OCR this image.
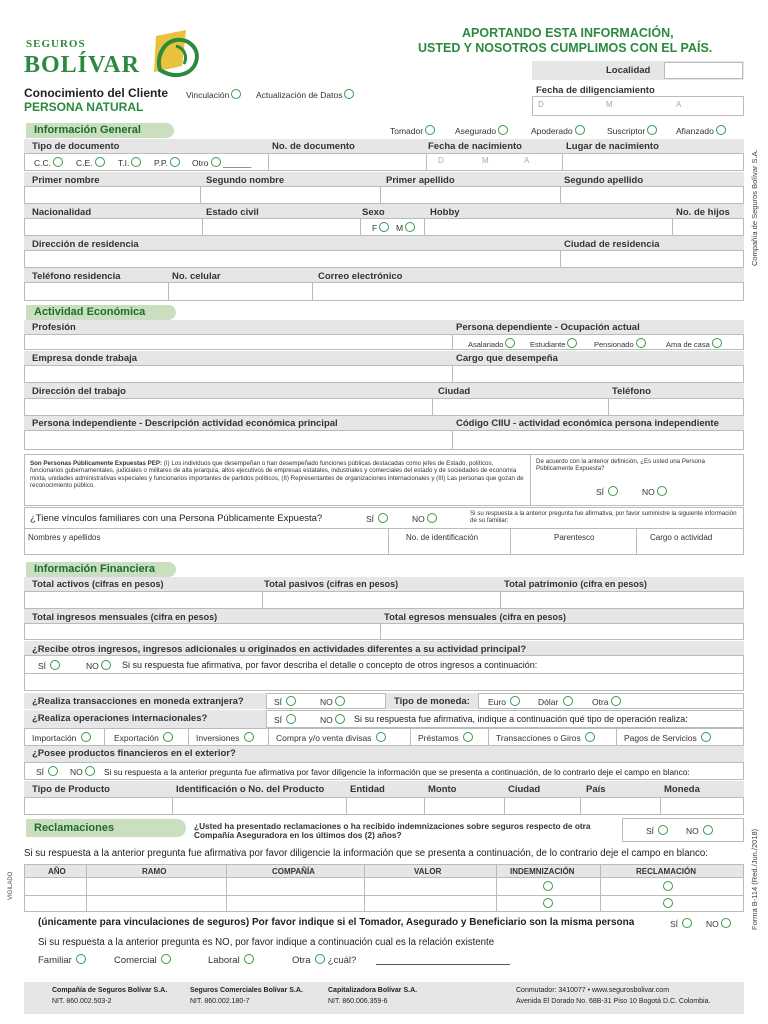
SEGUROS
BOLÍVAR
APORTANDO ESTA INFORMACIÓN,
USTED Y NOSOTROS CUMPLIMOS CON EL PAÍS.
Localidad
Fecha de diligenciamiento
D	M	A
Conocimiento del Cliente
PERSONA NATURAL
Vinculación	Actualización de Datos
Información General	Tomador	Asegurado	Apoderado	Suscriptor	Afianzado
Tipo de documento	No. de documento	Fecha de nacimiento	Lugar de nacimiento
C.C.	C.E.	T.I.	P.P.	Otro ______	D	M	A
Primer nombre	Segundo nombre	Primer apellido	Segundo apellido
Nacionalidad	Estado civil	Sexo	Hobby	No. de hijos
F	M
Dirección de residencia	Ciudad de residencia
Teléfono residencia	No. celular	Correo electrónico
Actividad Económica
Profesión	Persona dependiente - Ocupación actual
Asalariado	Estudiante	Pensionado	Ama de casa
Empresa donde trabaja	Cargo que desempeña
Dirección del trabajo	Ciudad	Teléfono
Persona independiente - Descripción actividad económica principal	Código CIIU - actividad económica persona independiente
Son Personas Públicamente Expuestas PEP: (I) Los individuos que desempeñan o han desempeñado funciones públicas destacadas como jefes de Estado, políticos, funcionarios gubernamentales, judiciales o militares de alta jerarquía, altos ejecutivos de empresas estatales, industriales y comerciales del estado y de sociedades de economía mixta, unidades administrativas especiales y funcionarios importantes de partidos políticos, (II) Representantes de organizaciones internacionales y (III) Las personas que gozan de reconocimiento público.
De acuerdo con la anterior definición, ¿Es usted una Persona Públicamente Expuesta?
SÍ	NO
¿Tiene vínculos familiares con una Persona Públicamente Expuesta?	SÍ	NO
Si su respuesta a la anterior pregunta fue afirmativa, por favor suministre la siguiente información de su familiar:
Nombres y apellidos	No. de identificación	Parentesco	Cargo o actividad
Información Financiera
Total activos (cifras en pesos)	Total pasivos (cifras en pesos)	Total patrimonio (cifra en pesos)
Total ingresos mensuales (cifra en pesos)	Total egresos mensuales (cifra en pesos)
¿Recibe otros ingresos, ingresos adicionales u originados en actividades diferentes a su actividad principal?
SÍ	NO	Si su respuesta fue afirmativa, por favor describa el detalle o concepto de otros ingresos a continuación:
¿Realiza transacciones en moneda extranjera?	SÍ	NO	Tipo de moneda: Euro	Dólar	Otra
¿Realiza operaciones internacionales?	SÍ	NO	Si su respuesta fue afirmativa, indique a continuación qué tipo de operación realiza:
Importación	Exportación	Inversiones	Compra y/o venta divisas	Préstamos	Transacciones o Giros	Pagos de Servicios
¿Posee productos financieros en el exterior?
SÍ	NO	Si su respuesta a la anterior pregunta fue afirmativa por favor diligencie la información que se presenta a continuación, de lo contrario deje el campo en blanco:
Tipo de Producto	Identificación o No. del Producto	Entidad	Monto	Ciudad	País	Moneda
Reclamaciones	¿Usted ha presentado reclamaciones o ha recibido indemnizaciones sobre seguros respecto de otra Compañía Aseguradora en los últimos dos (2) años?	SÍ	NO
Si su respuesta a la anterior pregunta fue afirmativa por favor diligencie la información que se presenta a continuación, de lo contrario deje el campo en blanco:
AÑO	RAMO	COMPAÑÍA	VALOR	INDEMNIZACIÓN	RECLAMACIÓN
(únicamente para vinculaciones de seguros) Por favor indique si el Tomador, Asegurado y Beneficiario son la misma persona	SÍ	NO
Si su respuesta a la anterior pregunta es NO, por favor indique a continuación cual es la relación existente
Familiar	Comercial	Laboral	Otra ¿cuál?
Compañía de Seguros Bolívar S.A.
NIT. 860.002.503-2
Seguros Comerciales Bolívar S.A.
NIT. 860.002.180-7
Capitalizadora Bolívar S.A.
NIT. 860.006.359-6
Conmutador: 3410077 • www.segurosbolivar.com
Avenida El Dorado No. 68B-31 Piso 10 Bogotá D.C. Colombia.
Compañía de Seguros Bolívar S.A.
Forma B-114 (Red./Jun./2018)
VIGILADO
